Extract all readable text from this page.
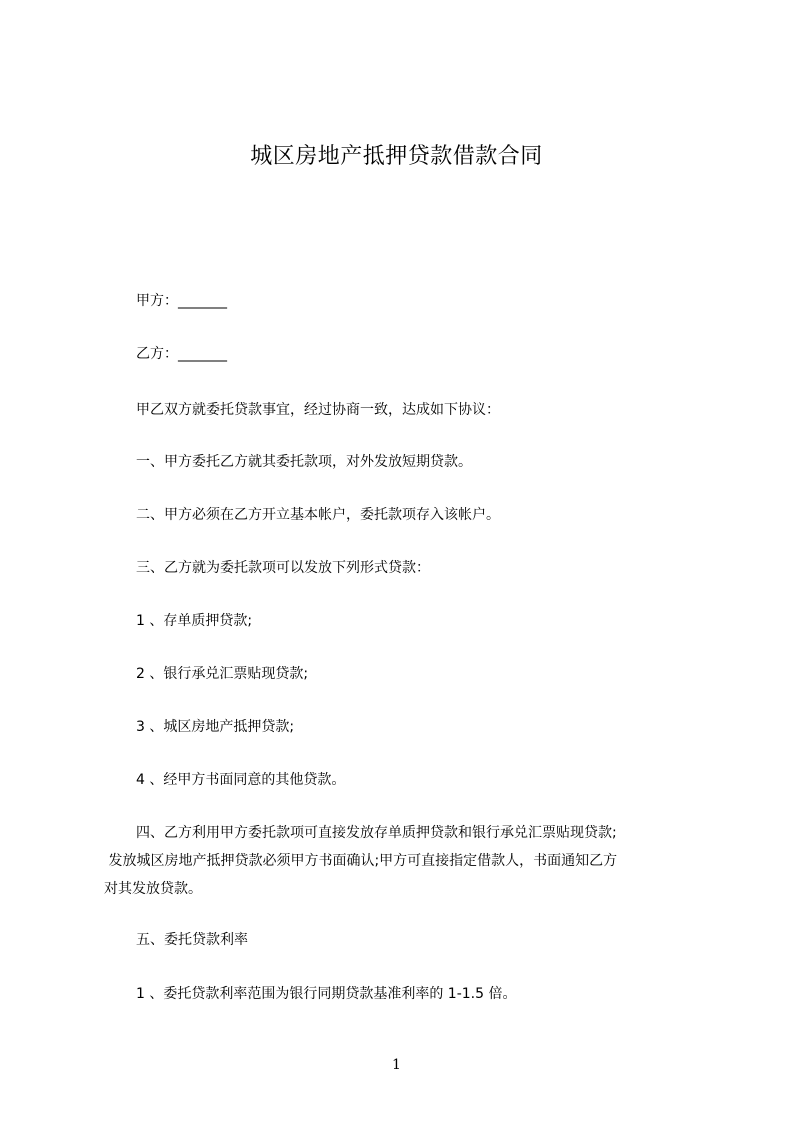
城区房地产抵押贷款借款合同
甲方：_______
乙方：_______
甲乙双方就委托贷款事宜，经过协商一致，达成如下协议：
一、甲方委托乙方就其委托款项，对外发放短期贷款。
二、甲方必须在乙方开立基本帐户，委托款项存入该帐户。
三、乙方就为委托款项可以发放下列形式贷款：
1 、存单质押贷款;
2 、银行承兑汇票贴现贷款;
3 、城区房地产抵押贷款;
4 、经甲方书面同意的其他贷款。
四、乙方利用甲方委托款项可直接发放存单质押贷款和银行承兑汇票贴现贷款;
发放城区房地产抵押贷款必须甲方书面确认;甲方可直接指定借款人，书面通知乙方
对其发放贷款。
五、委托贷款利率
1 、委托贷款利率范围为银行同期贷款基准利率的 1-1.5 倍。
1
